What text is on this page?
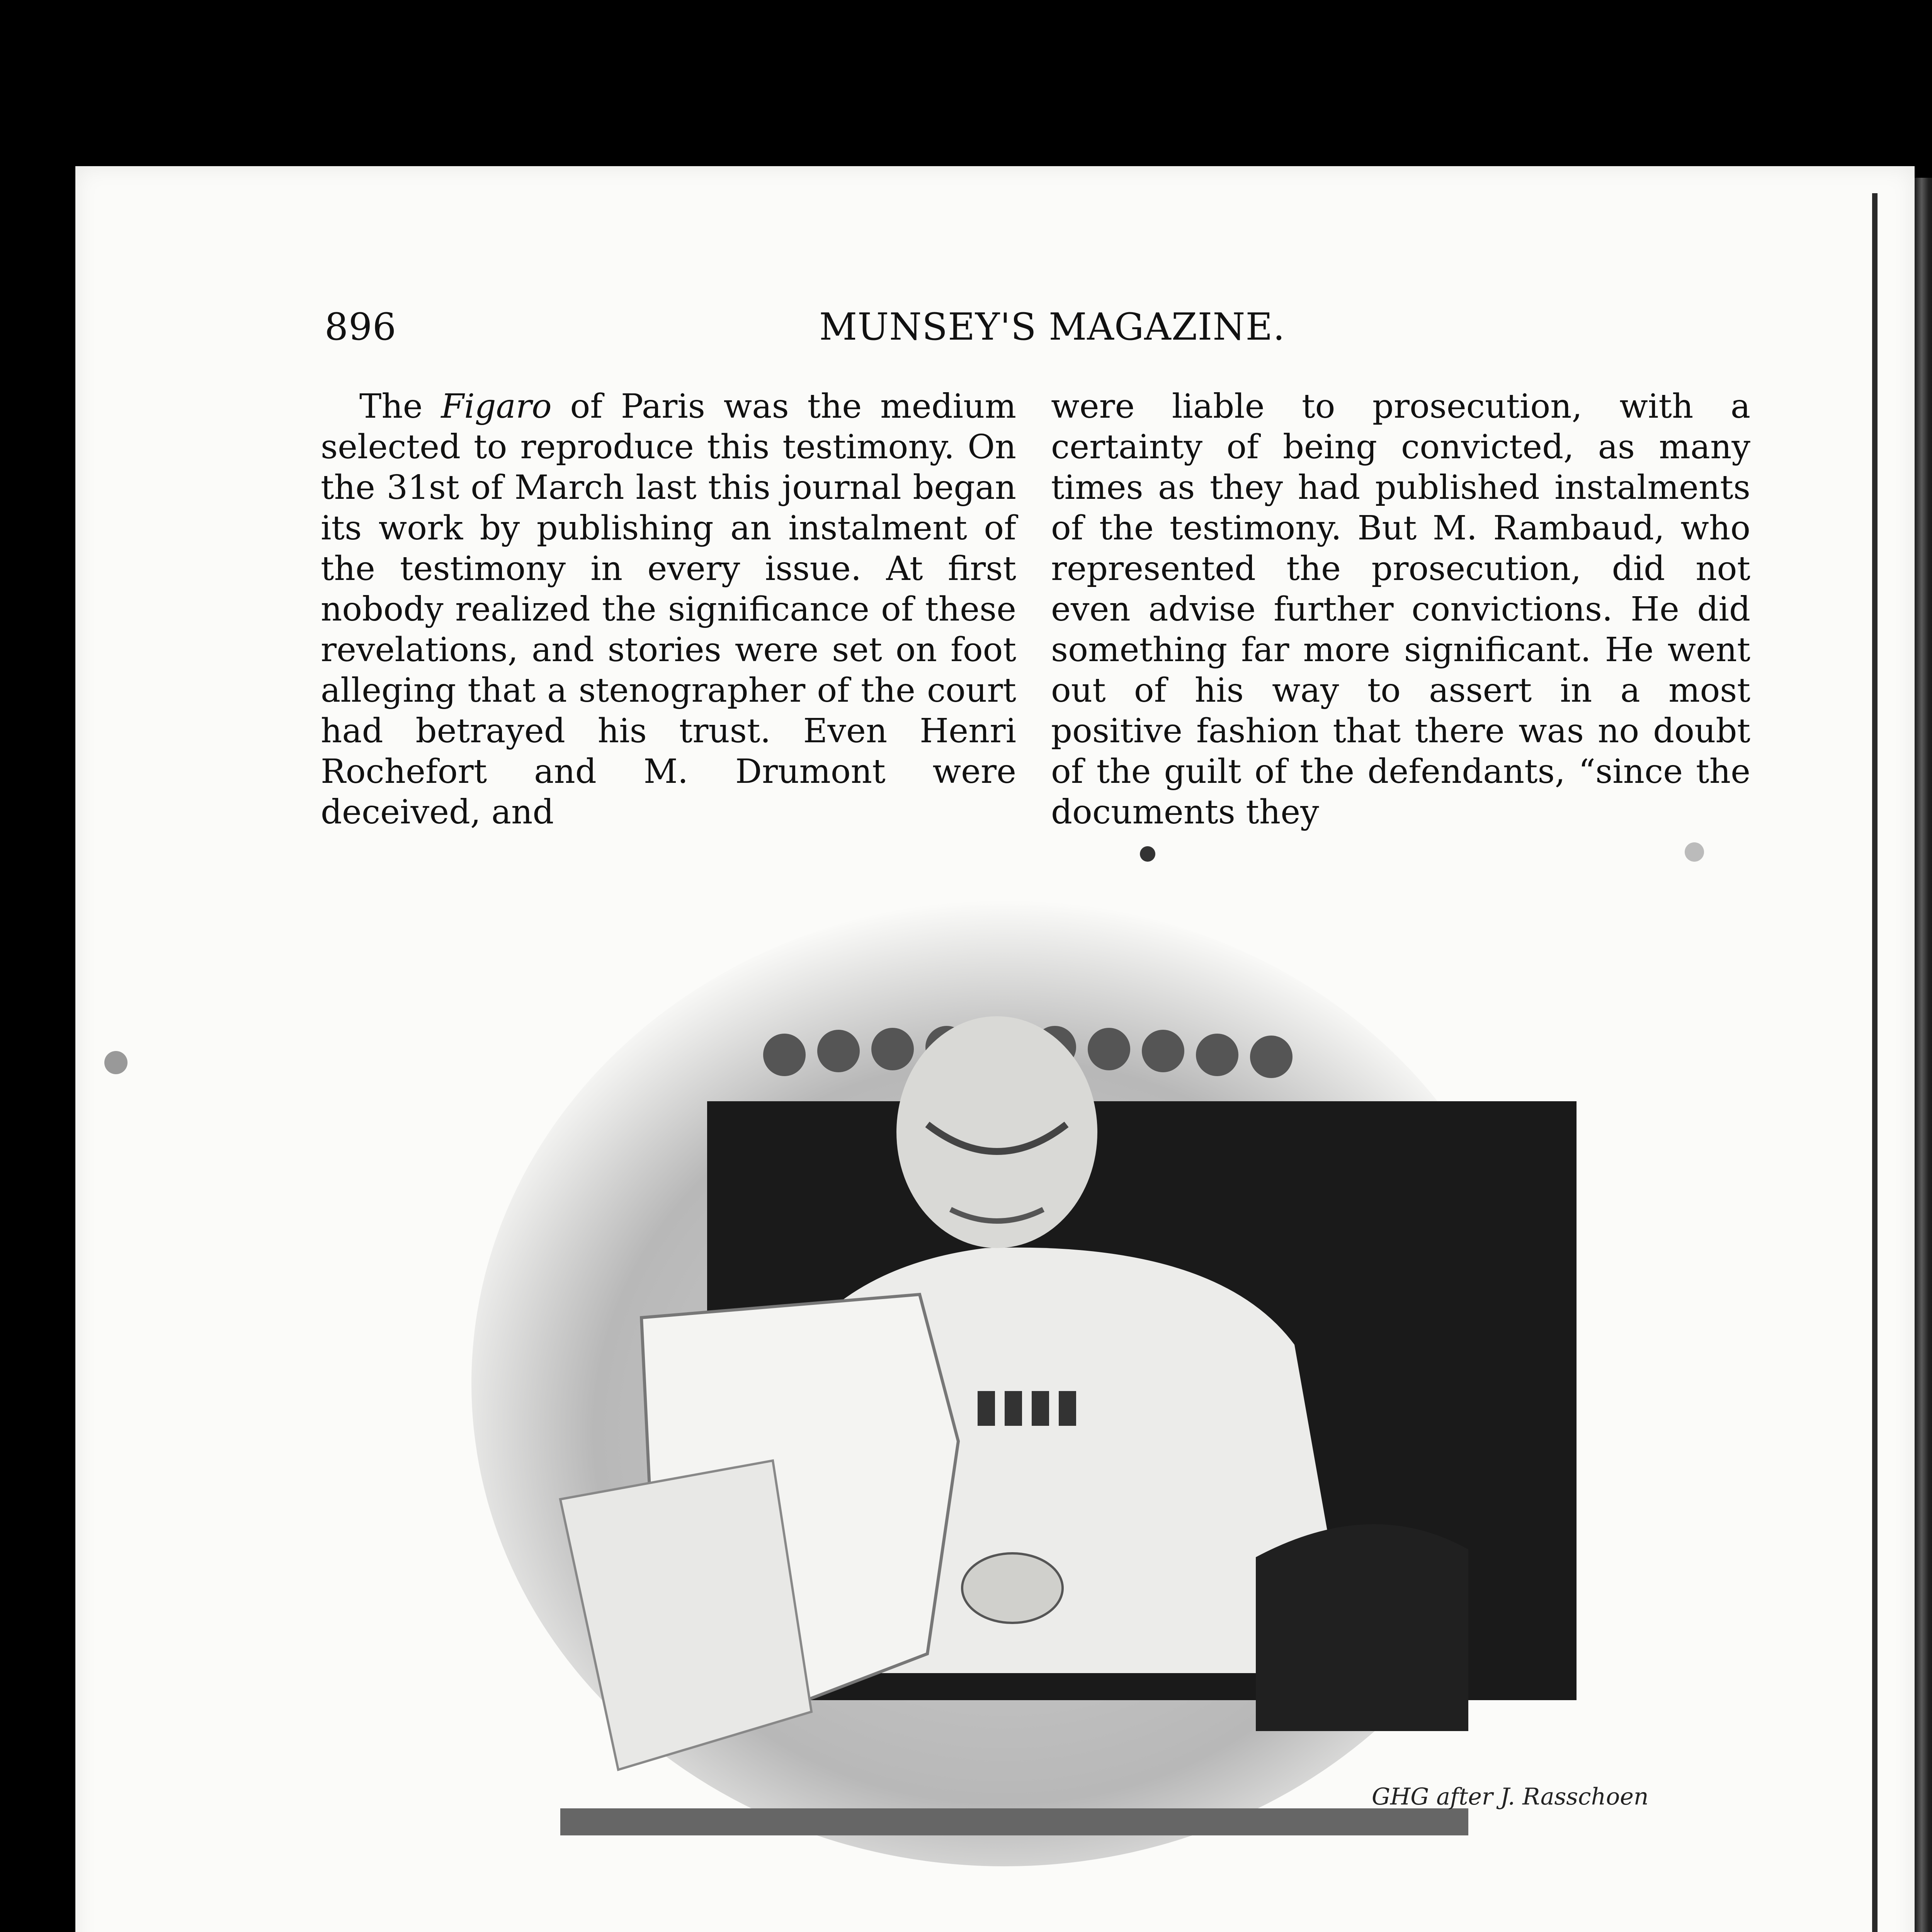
896	MUNSEY'S MAGAZINE.

The Figaro of Paris was the medium selected to reproduce this testimony. On the 31st of March last this journal began its work by publishing an instalment of the testimony in every issue. At first nobody realized the significance of these revelations, and stories were set on foot alleging that a stenographer of the court had betrayed his trust. Even Henri Rochefort and M. Drumont were deceived, and

were liable to prosecution, with a certainty of being convicted, as many times as they had published instalments of the testimony. But M. Rambaud, who represented the prosecution, did not even advise further convictions. He did something far more significant. He went out of his way to assert in a most positive fashion that there was no doubt of the guilt of the defendants, “since the documents they

GHG after J. Rasschoen
